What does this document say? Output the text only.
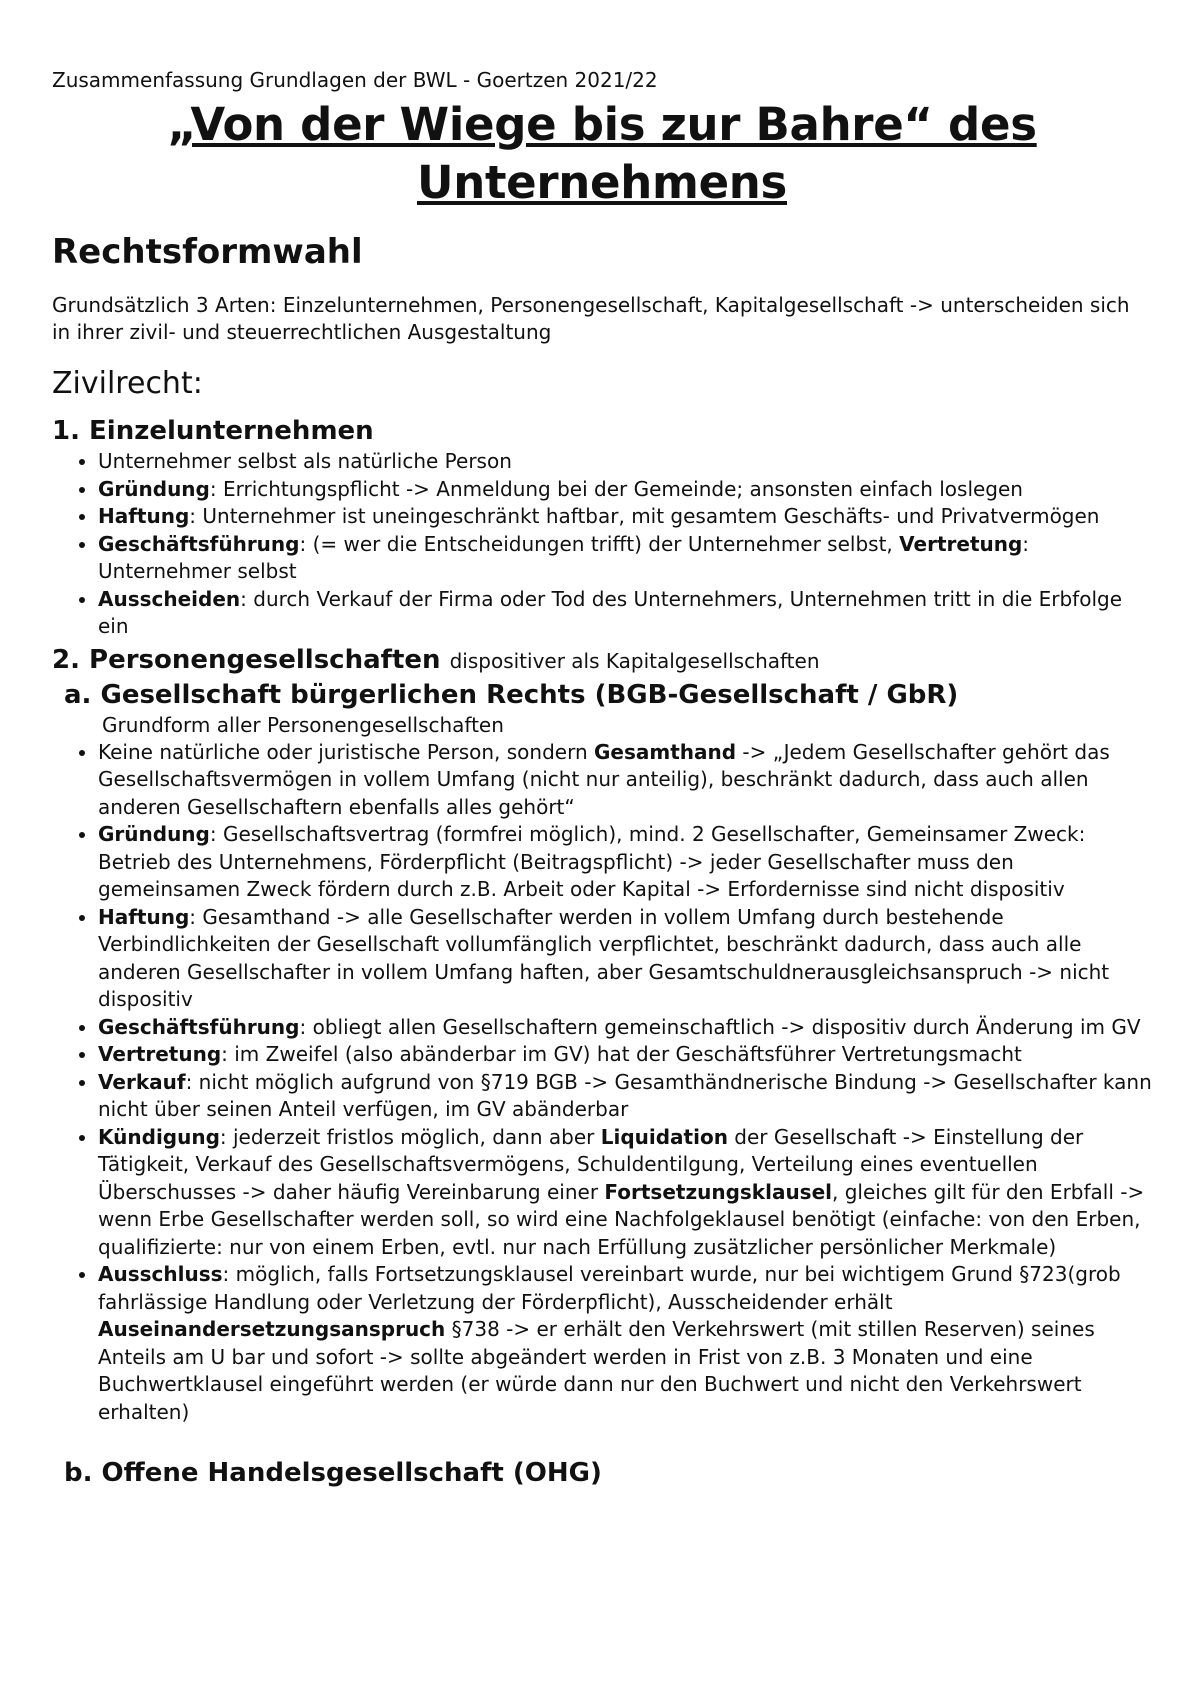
Zusammenfassung Grundlagen der BWL - Goertzen 2021/22

„Von der Wiege bis zur Bahre“ des Unternehmens
Rechtsformwahl

Grundsätzlich 3 Arten: Einzelunternehmen, Personengesellschaft, Kapitalgesellschaft -> unterscheiden sich in ihrer zivil- und steuerrechtlichen Ausgestaltung

Zivilrecht:
1. Einzelunternehmen
• Unternehmer selbst als natürliche Person
• Gründung: Errichtungspflicht -> Anmeldung bei der Gemeinde; ansonsten einfach loslegen
• Haftung: Unternehmer ist uneingeschränkt haftbar, mit gesamtem Geschäfts- und Privatvermögen
• Geschäftsführung: (= wer die Entscheidungen trifft) der Unternehmer selbst, Vertretung: Unternehmer selbst
• Ausscheiden: durch Verkauf der Firma oder Tod des Unternehmers, Unternehmen tritt in die Erbfolge ein
2. Personengesellschaften dispositiver als Kapitalgesellschaften
a. Gesellschaft bürgerlichen Rechts (BGB-Gesellschaft / GbR)
Grundform aller Personengesellschaften
• Keine natürliche oder juristische Person, sondern Gesamthand -> „Jedem Gesellschafter gehört das Gesellschaftsvermögen in vollem Umfang (nicht nur anteilig), beschränkt dadurch, dass auch allen anderen Gesellschaftern ebenfalls alles gehört“
• Gründung: Gesellschaftsvertrag (formfrei möglich), mind. 2 Gesellschafter, Gemeinsamer Zweck: Betrieb des Unternehmens, Förderpflicht (Beitragspflicht) -> jeder Gesellschafter muss den gemeinsamen Zweck fördern durch z.B. Arbeit oder Kapital -> Erfordernisse sind nicht dispositiv
• Haftung: Gesamthand -> alle Gesellschafter werden in vollem Umfang durch bestehende Verbindlichkeiten der Gesellschaft vollumfänglich verpflichtet, beschränkt dadurch, dass auch alle anderen Gesellschafter in vollem Umfang haften, aber Gesamtschuldnerausgleichsanspruch -> nicht dispositiv
• Geschäftsführung: obliegt allen Gesellschaftern gemeinschaftlich -> dispositiv durch Änderung im GV
• Vertretung: im Zweifel (also abänderbar im GV) hat der Geschäftsführer Vertretungsmacht
• Verkauf: nicht möglich aufgrund von §719 BGB -> Gesamthändnerische Bindung -> Gesellschafter kann nicht über seinen Anteil verfügen, im GV abänderbar
• Kündigung: jederzeit fristlos möglich, dann aber Liquidation der Gesellschaft -> Einstellung der Tätigkeit, Verkauf des Gesellschaftsvermögens, Schuldentilgung, Verteilung eines eventuellen Überschusses -> daher häufig Vereinbarung einer Fortsetzungsklausel, gleiches gilt für den Erbfall -> wenn Erbe Gesellschafter werden soll, so wird eine Nachfolgeklausel benötigt (einfache: von den Erben, qualifizierte: nur von einem Erben, evtl. nur nach Erfüllung zusätzlicher persönlicher Merkmale)
• Ausschluss: möglich, falls Fortsetzungsklausel vereinbart wurde, nur bei wichtigem Grund §723(grob fahrlässige Handlung oder Verletzung der Förderpflicht), Ausscheidender erhält Auseinandersetzungsanspruch §738 -> er erhält den Verkehrswert (mit stillen Reserven) seines Anteils am U bar und sofort -> sollte abgeändert werden in Frist von z.B. 3 Monaten und eine Buchwertklausel eingeführt werden (er würde dann nur den Buchwert und nicht den Verkehrswert erhalten)
b. Offene Handelsgesellschaft (OHG)
